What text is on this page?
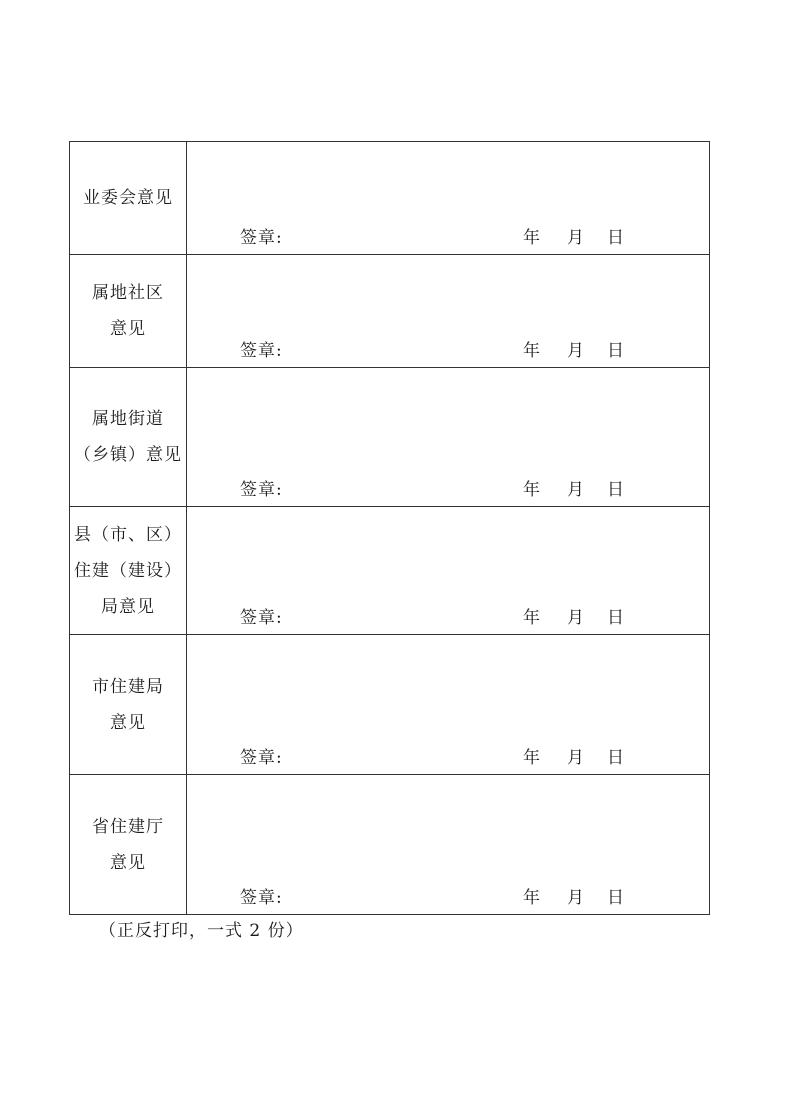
业委会意见	签章: 年 月 日

属地社区
意见	签章: 年 月 日

属地街道
（乡镇）意见	签章: 年 月 日

县（市、区）
住建（建设）
局意见	签章: 年 月 日

市住建局
意见	签章: 年 月 日

省住建厅
意见	签章: 年 月 日
（正反打印，一式 2 份）
